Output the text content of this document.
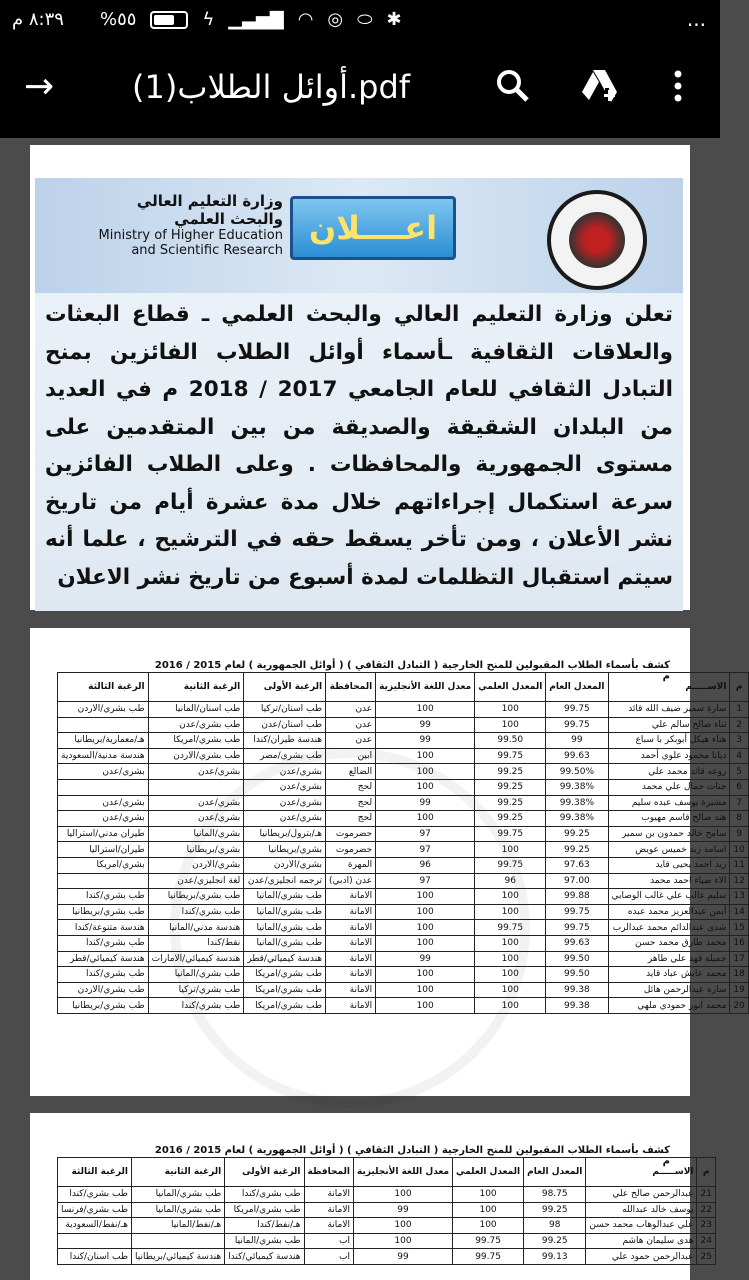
٨:٣٩ م %٥٥	ϟ ▁▃▅▇ ◠ ◎ ⬭ ✱	...
→ أوائل الطلاب(1).pdf
وزارة التعليم العالي والبحث العلمي
Ministry of Higher Education
and Scientific Research
اعــــلان
تعلن وزارة التعليم العالي والبحث العلمي ـ قطاع البعثات والعلاقات الثقافية ـأسماء أوائل الطلاب الفائزين بمنح التبادل الثقافي للعام الجامعي 2017 / 2018 م في العديد من البلدان الشقيقة والصديقة من بين المتقدمين على مستوى الجمهورية والمحافظات . وعلى الطلاب الفائزين سرعة استكمال إجراءاتهم خلال مدة عشرة أيام من تاريخ نشر الأعلان ، ومن تأخر يسقط حقه في الترشيح ، علما أنه سيتم استقبال التظلمات لمدة أسبوع من تاريخ نشر الاعلان
كشف بأسماء الطلاب المقبولين للمنح الخارجية ( التبادل الثقافي ) ( أوائل الجمهورية ) لعام 2015 / 2016 م
م	الاســـــم	المعدل العام	المعدل العلمي	معدل اللغة الأنجليزية	المحافظة	الرغبة الأولى	الرغبة الثانية	الرغبة الثالثة
1	سارة سمير ضيف الله قائد	99.75	100	100	عدن	طب اسنان/تركيا	طب اسنان/المانيا	طب بشري/الاردن
2	ثناء صالح سالم علي	99.75	100	99	عدن	طب اسنان/عدن	طب بشري/عدن	
3	هناء هيكل أبوبكر با سباع	99	99.50	99	عدن	هندسة طيران/كندا	طب بشري/امريكا	هـ/معمارية/بريطانيا
4	ديانا محمود علوي أحمد	99.63	99.75	100	ابين	طب بشري/مصر	طب بشري/الاردن	هندسة مدنية/السعودية
5	روعه قائد محمد علي	99.50%	99.25	100	الضالع	بشري/عدن	بشري/عدن	بشري/عدن
6	جنات جمال علي محمد	99.38%	99.25	100	لحج	بشري/عدن		
7	مشيرة يوسف عبده سليم	99.38%	99.25	99	لحج	بشري/عدن	بشري/عدن	بشري/عدن
8	هند صالح قاسم مهيوب	99.38%	99.25	100	لحج	بشري/عدن	بشري/عدن	بشري/عدن
9	سامح خالد حمدون بن سمير	99.25	99.75	97	حضرموت	هـ/بترول/بريطانيا	بشري/المانيا	طيران مدني/استراليا
10	اسامة زيد خميس عويض	99.25	100	97	حضرموت	بشري/بريطانيا	بشري/بريطانيا	طيران/استراليا
11	زيد احمد يحيى قايد	97.63	99.75	96	المهرة	بشري/الاردن	بشري/الاردن	بشري/امريكا
12	الاء ضياء احمد محمد	97.00	96	97	عدن (ادبي)	ترجمه انجليزي/عدن	لغة انجليزي/عدن	
13	سليم غالب علي غالب الوصابي	99.88	100	100	الامانة	طب بشري/المانيا	طب بشري/بريطانيا	طب بشري/كندا
14	أيمن عبدالعزيز محمد عبده	99.75	100	100	الامانة	طب بشري/المانيا	طب بشري/كندا	طب بشري/بريطانيا
15	شدى عبدالدائم محمد عبدالرب	99.75	99.75	100	الامانة	طب بشري/المانيا	هندسة مدني/المانيا	هندسة متنوعة/كندا
16	محمد طارق محمد حسن	99.63	100	100	الامانة	طب بشري/المانيا	نفط/كندا	طب بشري/كندا
17	جميلة فهد علي طاهر	99.50	100	99	الامانة	هندسة كيميائي/قطر	هندسة كيميائي/الامارات	هندسة كيميائي/قطر
18	محمد عايش عباد قايد	99.50	100	100	الامانة	طب بشري/امريكا	طب بشري/المانيا	طب بشري/كندا
19	ساره عبدالرحمن هائل	99.38	100	100	الامانة	طب بشري/امريكا	طب بشري/تركيا	طب بشري/الاردن
20	محمد انور حمودي ملهي	99.38	100	100	الامانة	طب بشري/امريكا	طب بشري/كندا	طب بشري/بريطانيا
كشف بأسماء الطلاب المقبولين للمنح الخارجية ( التبادل الثقافي ) ( أوائل الجمهورية ) لعام 2015 / 2016 م
م	الاســـــم	المعدل العام	المعدل العلمي	معدل اللغة الأنجليزية	المحافظة	الرغبة الأولى	الرغبة الثانية	الرغبة الثالثة
21	عبدالرحمن صالح علي	98.75	100	100	الامانة	طب بشري/كندا	طب بشري/المانيا	طب بشري/كندا
22	يوسف خالد عبدالله	99.25	100	99	الامانة	طب بشري/امريكا	طب بشري/المانيا	طب بشري/فرنسا
23	علي عبدالوهاب محمد حسن	98	100	100	الامانة	هـ/نفط/كندا	هـ/نفط/المانيا	هـ/نفط/السعودية
24	هدى سليمان هاشم	99.25	99.75	100	اب	طب بشري/المانيا		
25	عبدالرحمن حمود علي	99.13	99.75	99	اب	هندسة كيميائي/كندا	هندسة كيميائي/بريطانيا	طب اسنان/كندا
